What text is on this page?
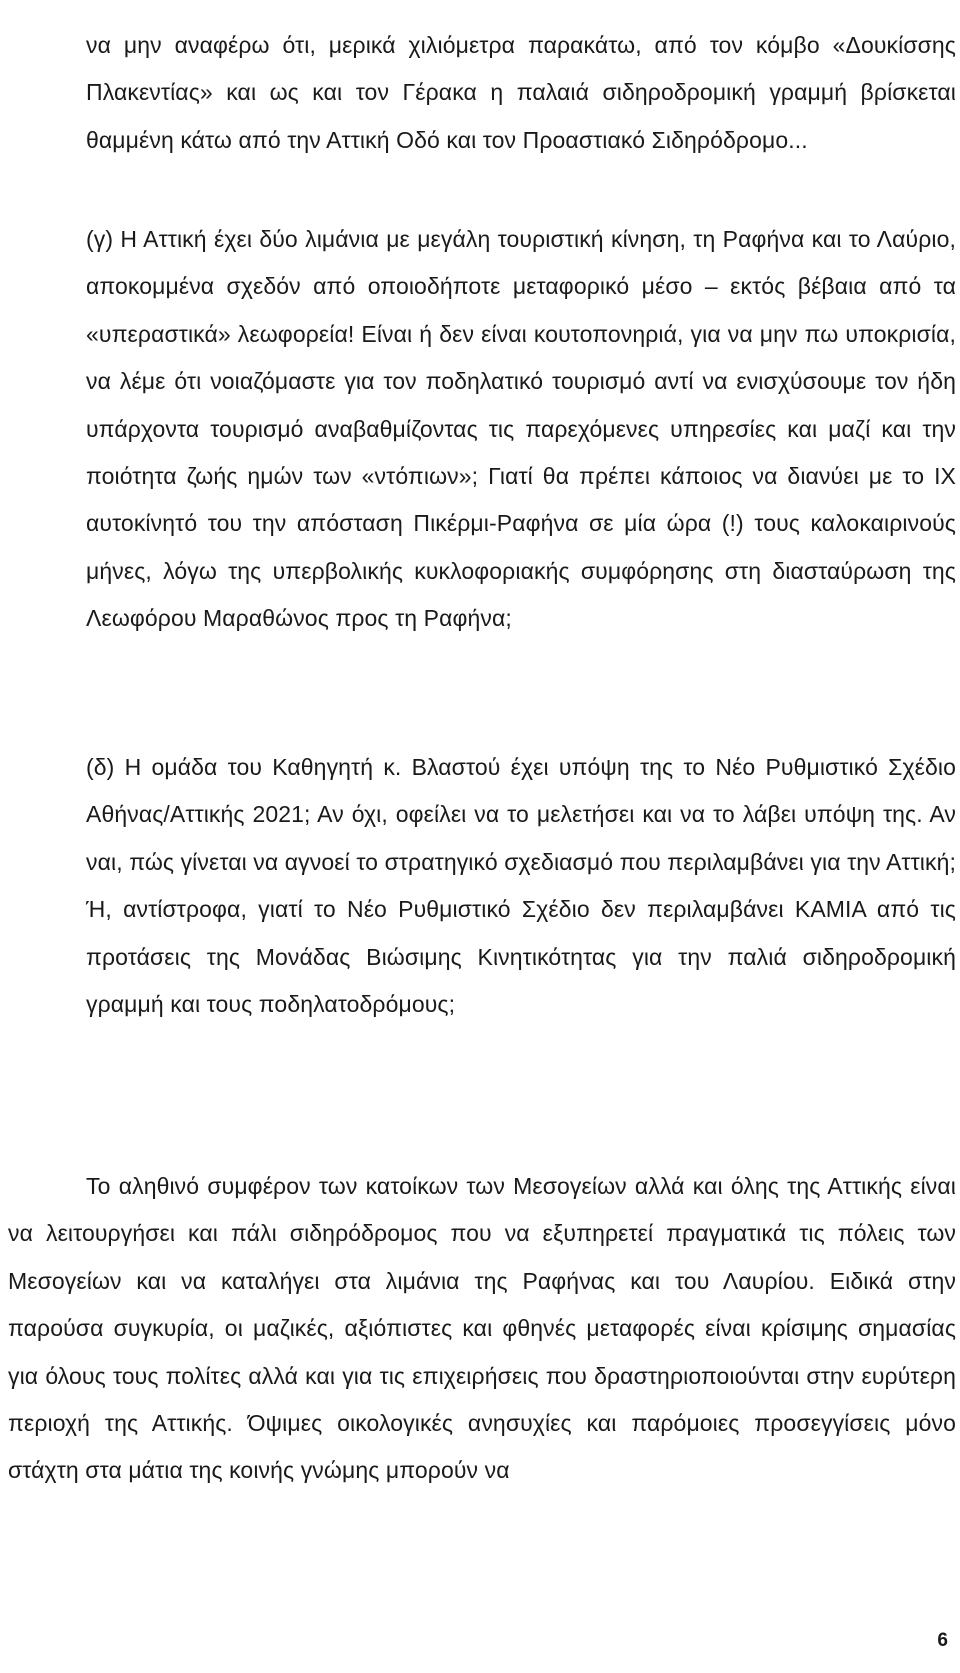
να μην αναφέρω ότι, μερικά χιλιόμετρα παρακάτω, από τον κόμβο «Δουκίσσης Πλακεντίας» και ως και τον Γέρακα η παλαιά σιδηροδρομική γραμμή βρίσκεται θαμμένη κάτω από την Αττική Οδό και τον Προαστιακό Σιδηρόδρομο...

(γ) Η Αττική έχει δύο λιμάνια με μεγάλη τουριστική κίνηση, τη Ραφήνα και το Λαύριο, αποκομμένα σχεδόν από οποιοδήποτε μεταφορικό μέσο – εκτός βέβαια από τα «υπεραστικά» λεωφορεία! Είναι ή δεν είναι κουτοπονηριά, για να μην πω υποκρισία, να λέμε ότι νοιαζόμαστε για τον ποδηλατικό τουρισμό αντί να ενισχύσουμε τον ήδη υπάρχοντα τουρισμό αναβαθμίζοντας τις παρεχόμενες υπηρεσίες και μαζί και την ποιότητα ζωής ημών των «ντόπιων»; Γιατί θα πρέπει κάποιος να διανύει με το ΙΧ αυτοκίνητό του την απόσταση Πικέρμι-Ραφήνα σε μία ώρα (!) τους καλοκαιρινούς μήνες, λόγω της υπερβολικής κυκλοφοριακής συμφόρησης στη διασταύρωση της Λεωφόρου Μαραθώνος προς τη Ραφήνα;

(δ) Η ομάδα του Καθηγητή κ. Βλαστού έχει υπόψη της το Νέο Ρυθμιστικό Σχέδιο Αθήνας/Αττικής 2021; Αν όχι, οφείλει να το μελετήσει και να το λάβει υπόψη της. Αν ναι, πώς γίνεται να αγνοεί το στρατηγικό σχεδιασμό που περιλαμβάνει για την Αττική; Ή, αντίστροφα, γιατί το Νέο Ρυθμιστικό Σχέδιο δεν περιλαμβάνει ΚΑΜΙΑ από τις προτάσεις της Μονάδας Βιώσιμης Κινητικότητας για την παλιά σιδηροδρομική γραμμή και τους ποδηλατοδρόμους;

Το αληθινό συμφέρον των κατοίκων των Μεσογείων αλλά και όλης της Αττικής είναι να λειτουργήσει και πάλι σιδηρόδρομος που να εξυπηρετεί πραγματικά τις πόλεις των Μεσογείων και να καταλήγει στα λιμάνια της Ραφήνας και του Λαυρίου. Ειδικά στην παρούσα συγκυρία, οι μαζικές, αξιόπιστες και φθηνές μεταφορές είναι κρίσιμης σημασίας για όλους τους πολίτες αλλά και για τις επιχειρήσεις που δραστηριοποιούνται στην ευρύτερη περιοχή της Αττικής. Όψιμες οικολογικές ανησυχίες και παρόμοιες προσεγγίσεις μόνο στάχτη στα μάτια της κοινής γνώμης μπορούν να

6
